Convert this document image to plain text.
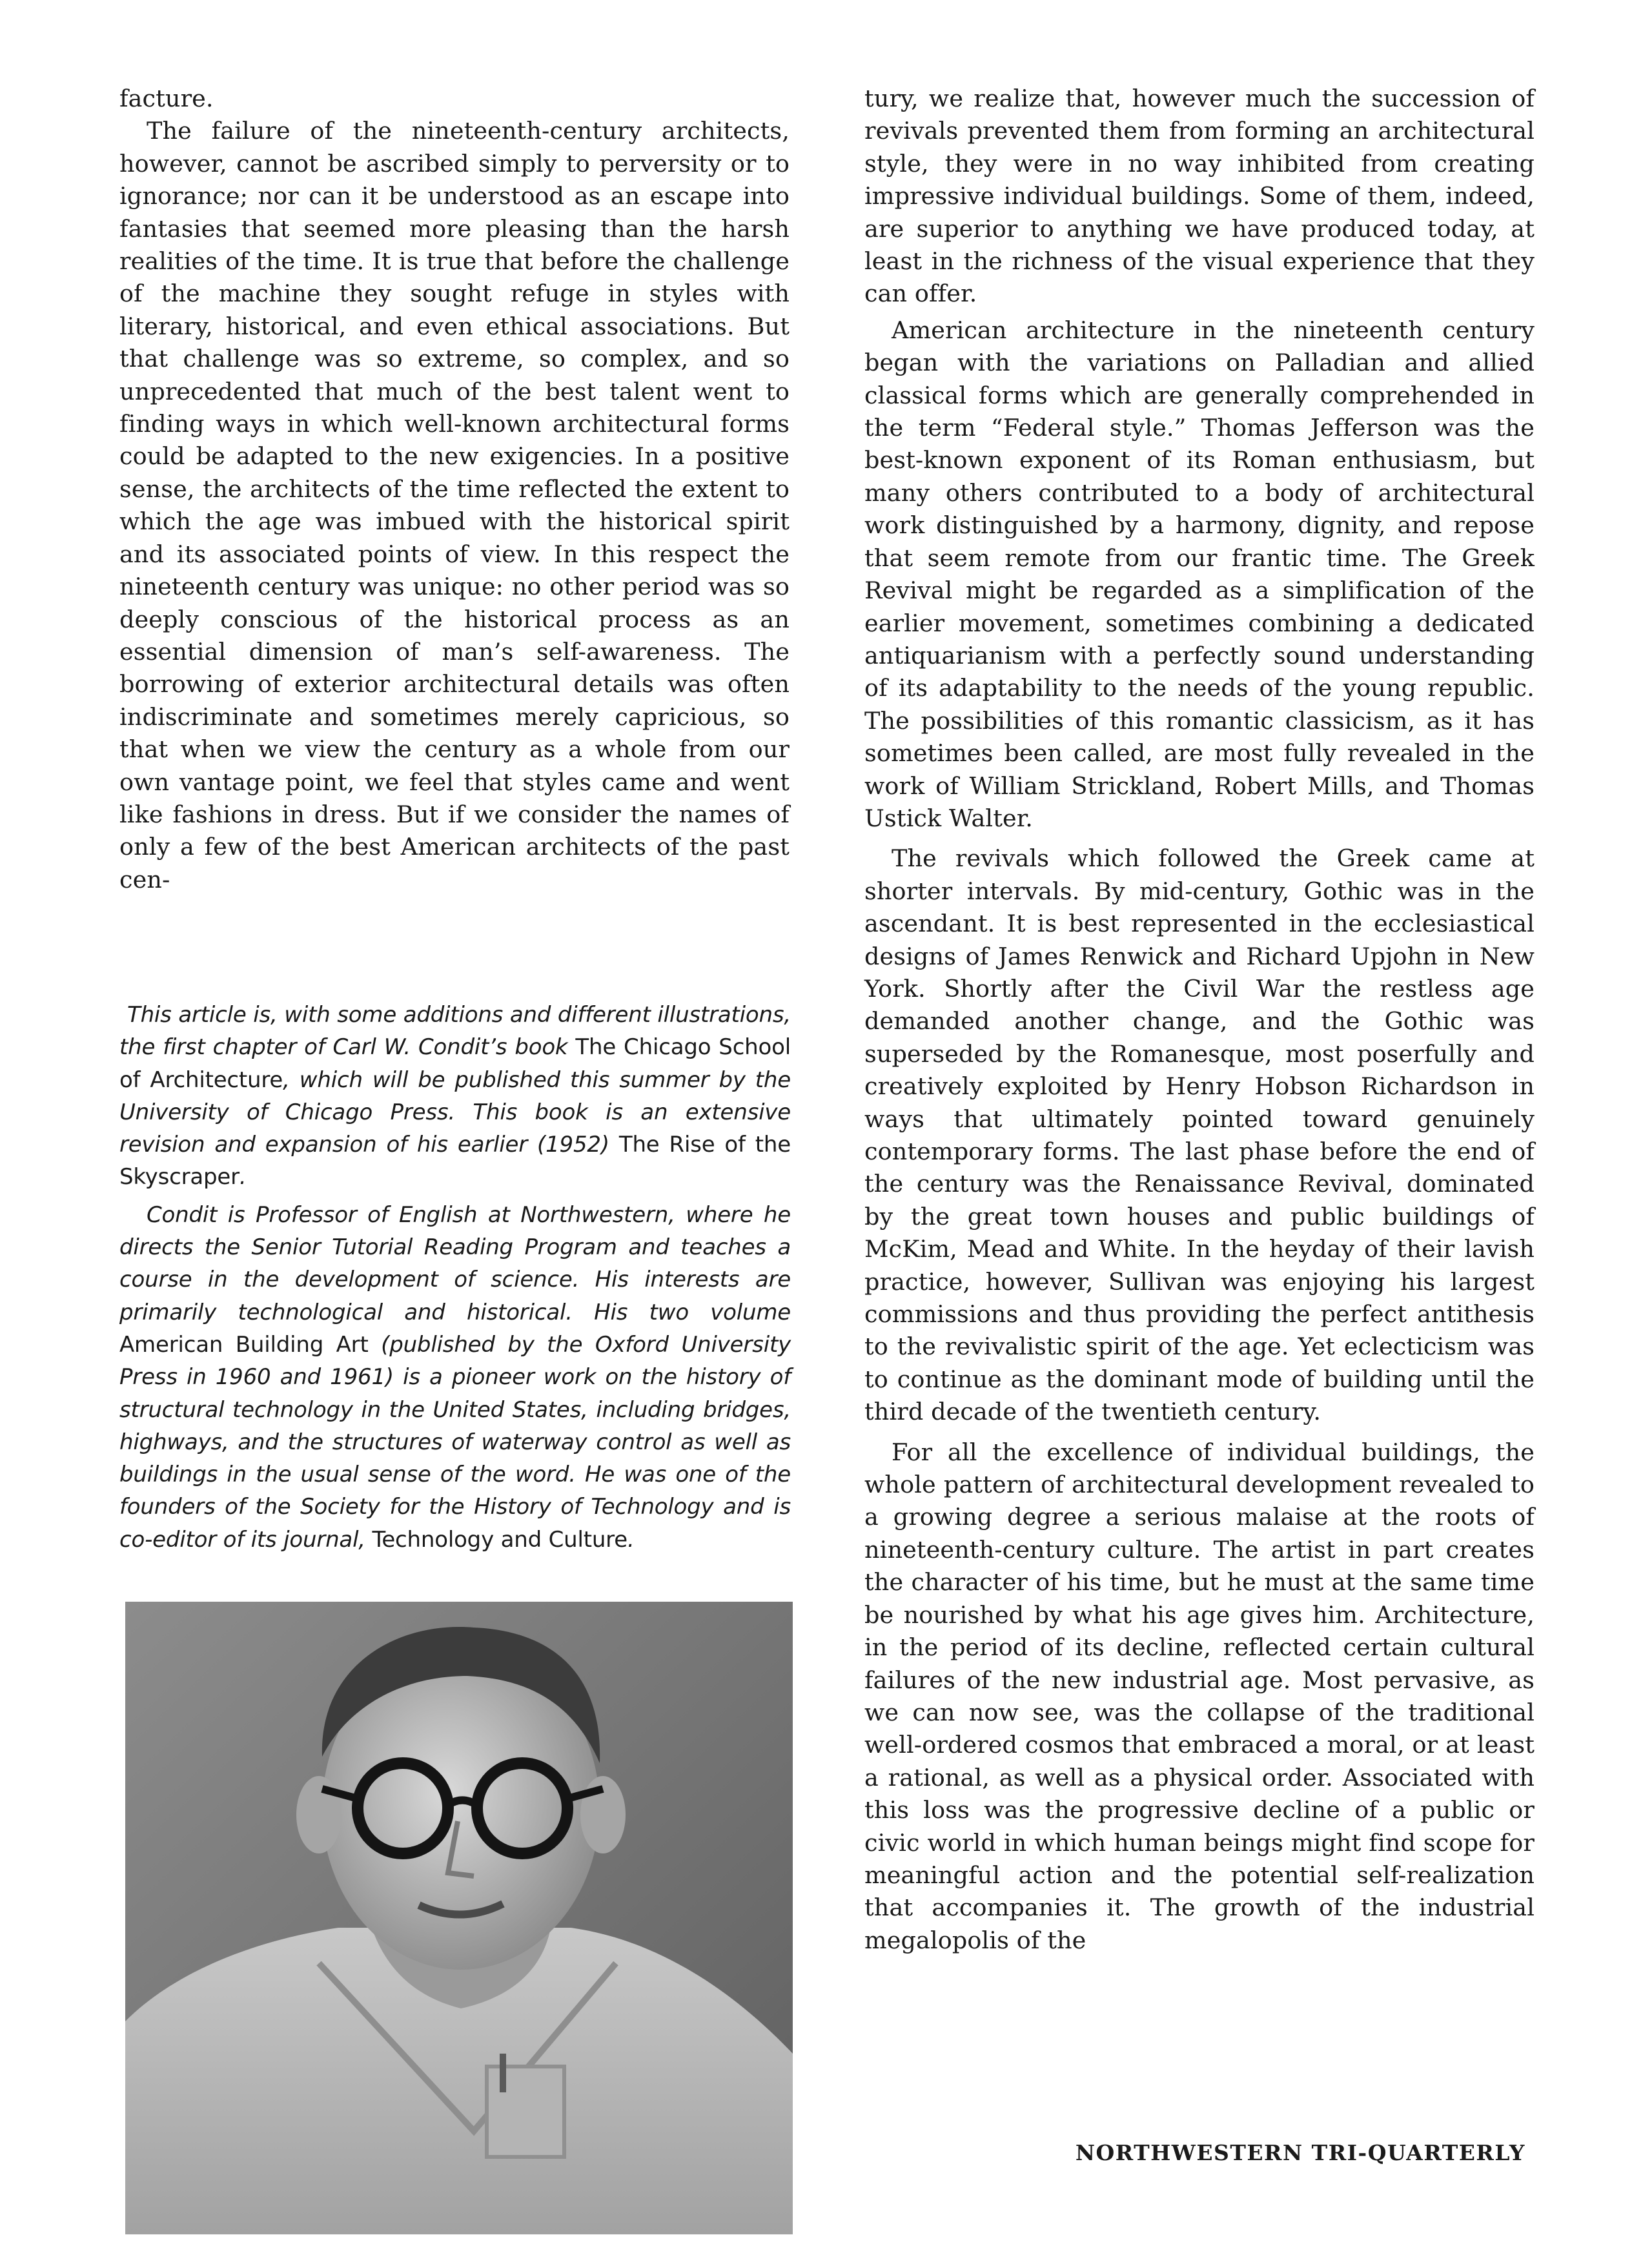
facture.

The failure of the nineteenth-century architects, however, cannot be ascribed simply to perversity or to ignorance; nor can it be understood as an escape into fantasies that seemed more pleasing than the harsh realities of the time. It is true that before the challenge of the machine they sought refuge in styles with literary, historical, and even ethical associations. But that challenge was so extreme, so complex, and so unprecedented that much of the best talent went to finding ways in which well-known architectural forms could be adapted to the new exigencies. In a positive sense, the architects of the time reflected the extent to which the age was imbued with the historical spirit and its associated points of view. In this respect the nineteenth century was unique: no other period was so deeply conscious of the historical process as an essential dimension of man’s self-awareness. The borrowing of exterior architectural details was often indiscriminate and sometimes merely capricious, so that when we view the century as a whole from our own vantage point, we feel that styles came and went like fashions in dress. But if we consider the names of only a few of the best American architects of the past cen-

This article is, with some additions and different illustrations, the first chapter of Carl W. Condit’s book The Chicago School of Architecture, which will be published this summer by the University of Chicago Press. This book is an extensive revision and expansion of his earlier (1952) The Rise of the Skyscraper.

Condit is Professor of English at Northwestern, where he directs the Senior Tutorial Reading Program and teaches a course in the development of science. His interests are primarily technological and historical. His two volume American Building Art (published by the Oxford University Press in 1960 and 1961) is a pioneer work on the history of structural technology in the United States, including bridges, highways, and the structures of waterway control as well as buildings in the usual sense of the word. He was one of the founders of the Society for the History of Technology and is co-editor of its journal, Technology and Culture.

tury, we realize that, however much the succession of revivals prevented them from forming an architectural style, they were in no way inhibited from creating impressive individual buildings. Some of them, indeed, are superior to anything we have produced today, at least in the richness of the visual experience that they can offer.

American architecture in the nineteenth century began with the variations on Palladian and allied classical forms which are generally comprehended in the term “Federal style.” Thomas Jefferson was the best-known exponent of its Roman enthusiasm, but many others contributed to a body of architectural work distinguished by a harmony, dignity, and repose that seem remote from our frantic time. The Greek Revival might be regarded as a simplification of the earlier movement, sometimes combining a dedicated antiquarianism with a perfectly sound understanding of its adaptability to the needs of the young republic. The possibilities of this romantic classicism, as it has sometimes been called, are most fully revealed in the work of William Strickland, Robert Mills, and Thomas Ustick Walter.

The revivals which followed the Greek came at shorter intervals. By mid-century, Gothic was in the ascendant. It is best represented in the ecclesiastical designs of James Renwick and Richard Upjohn in New York. Shortly after the Civil War the restless age demanded another change, and the Gothic was superseded by the Romanesque, most poserfully and creatively exploited by Henry Hobson Richardson in ways that ultimately pointed toward genuinely contemporary forms. The last phase before the end of the century was the Renaissance Revival, dominated by the great town houses and public buildings of McKim, Mead and White. In the heyday of their lavish practice, however, Sullivan was enjoying his largest commissions and thus providing the perfect antithesis to the revivalistic spirit of the age. Yet eclecticism was to continue as the dominant mode of building until the third decade of the twentieth century.

For all the excellence of individual buildings, the whole pattern of architectural development revealed to a growing degree a serious malaise at the roots of nineteenth-century culture. The artist in part creates the character of his time, but he must at the same time be nourished by what his age gives him. Architecture, in the period of its decline, reflected certain cultural failures of the new industrial age. Most pervasive, as we can now see, was the collapse of the traditional well-ordered cosmos that embraced a moral, or at least a rational, as well as a physical order. Associated with this loss was the progressive decline of a public or civic world in which human beings might find scope for meaningful action and the potential self-realization that accompanies it. The growth of the industrial megalopolis of the

NORTHWESTERN TRI-QUARTERLY
